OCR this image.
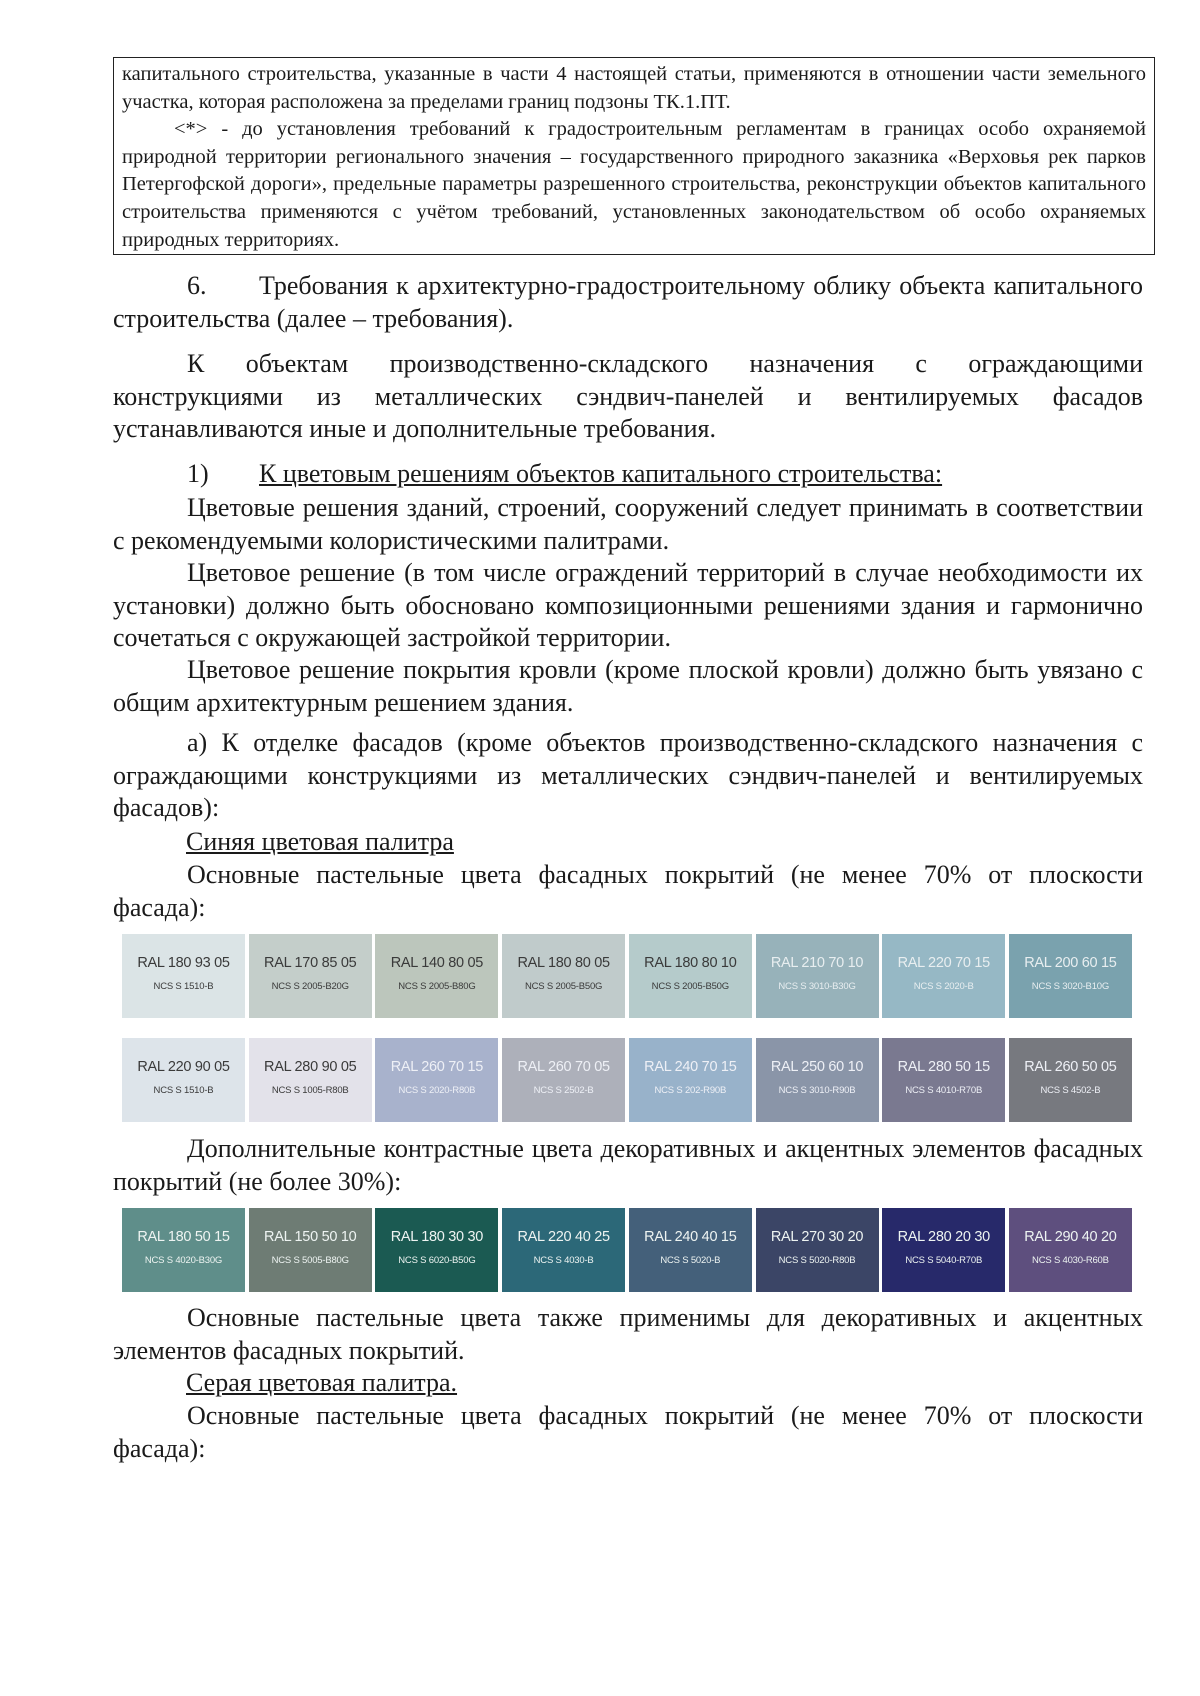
капитального строительства, указанные в части 4 настоящей статьи, применяются в отношении части земельного участка, которая расположена за пределами границ подзоны ТК.1.ПТ.

<*> - до установления требований к градостроительным регламентам в границах особо охраняемой природной территории регионального значения – государственного природного заказника «Верховья рек парков Петергофской дороги», предельные параметры разрешенного строительства, реконструкции объектов капитального строительства применяются с учётом требований, установленных законодательством об особо охраняемых природных территориях.

6. Требования к архитектурно-градостроительному облику объекта капитального строительства (далее – требования).

К объектам производственно-складского назначения с ограждающими конструкциями из металлических сэндвич-панелей и вентилируемых фасадов устанавливаются иные и дополнительные требования.

1) К цветовым решениям объектов капитального строительства:

Цветовые решения зданий, строений, сооружений следует принимать в соответствии с рекомендуемыми колористическими палитрами.

Цветовое решение (в том числе ограждений территорий в случае необходимости их установки) должно быть обосновано композиционными решениями здания и гармонично сочетаться с окружающей застройкой территории.

Цветовое решение покрытия кровли (кроме плоской кровли) должно быть увязано с общим архитектурным решением здания.

а) К отделке фасадов (кроме объектов производственно-складского назначения с ограждающими конструкциями из металлических сэндвич-панелей и вентилируемых фасадов):

Синяя цветовая палитра

Основные пастельные цвета фасадных покрытий (не менее 70% от плоскости фасада):

RAL 180 93 05
NCS S 1510-B
RAL 170 85 05
NCS S 2005-B20G
RAL 140 80 05
NCS S 2005-B80G
RAL 180 80 05
NCS S 2005-B50G
RAL 180 80 10
NCS S 2005-B50G
RAL 210 70 10
NCS S 3010-B30G
RAL 220 70 15
NCS S 2020-B
RAL 200 60 15
NCS S 3020-B10G
RAL 220 90 05
NCS S 1510-B
RAL 280 90 05
NCS S 1005-R80B
RAL 260 70 15
NCS S 2020-R80B
RAL 260 70 05
NCS S 2502-B
RAL 240 70 15
NCS S 202-R90B
RAL 250 60 10
NCS S 3010-R90B
RAL 280 50 15
NCS S 4010-R70B
RAL 260 50 05
NCS S 4502-B

Дополнительные контрастные цвета декоративных и акцентных элементов фасадных покрытий (не более 30%):

RAL 180 50 15
NCS S 4020-B30G
RAL 150 50 10
NCS S 5005-B80G
RAL 180 30 30
NCS S 6020-B50G
RAL 220 40 25
NCS S 4030-B
RAL 240 40 15
NCS S 5020-B
RAL 270 30 20
NCS S 5020-R80B
RAL 280 20 30
NCS S 5040-R70B
RAL 290 40 20
NCS S 4030-R60B

Основные пастельные цвета также применимы для декоративных и акцентных элементов фасадных покрытий.

Серая цветовая палитра.

Основные пастельные цвета фасадных покрытий (не менее 70% от плоскости фасада):
